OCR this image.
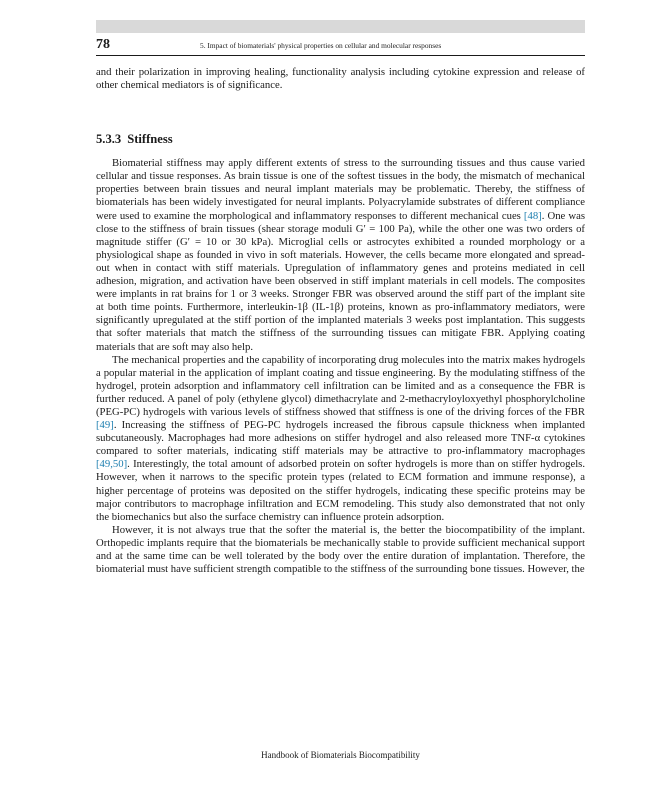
78	5. Impact of biomaterials' physical properties on cellular and molecular responses

and their polarization in improving healing, functionality analysis including cytokine expression and release of other chemical mediators is of significance.

5.3.3 Stiffness

Biomaterial stiffness may apply different extents of stress to the surrounding tissues and thus cause varied cellular and tissue responses. As brain tissue is one of the softest tissues in the body, the mismatch of mechanical properties between brain tissues and neural implant materials may be problematic. Thereby, the stiffness of biomaterials has been widely investigated for neural implants. Polyacrylamide substrates of different compliance were used to examine the morphological and inflammatory responses to different mechanical cues [48]. One was close to the stiffness of brain tissues (shear storage moduli G′ = 100 Pa), while the other one was two orders of magnitude stiffer (G′ = 10 or 30 kPa). Microglial cells or astrocytes exhibited a rounded morphology or a physiological shape as founded in vivo in soft materials. However, the cells became more elongated and spread-out when in contact with stiff materials. Upregulation of inflammatory genes and proteins mediated in cell adhesion, migration, and activation have been observed in stiff implant materials in cell models. The composites were implants in rat brains for 1 or 3 weeks. Stronger FBR was observed around the stiff part of the implant site at both time points. Furthermore, interleukin-1β (IL-1β) proteins, known as pro-inflammatory mediators, were significantly upregulated at the stiff portion of the implanted materials 3 weeks post implantation. This suggests that softer materials that match the stiffness of the surrounding tissues can mitigate FBR. Applying coating materials that are soft may also help.

The mechanical properties and the capability of incorporating drug molecules into the matrix makes hydrogels a popular material in the application of implant coating and tissue engineering. By the modulating stiffness of the hydrogel, protein adsorption and inflammatory cell infiltration can be limited and as a consequence the FBR is further reduced. A panel of poly (ethylene glycol) dimethacrylate and 2-methacryloyloxyethyl phosphorylcholine (PEG-PC) hydrogels with various levels of stiffness showed that stiffness is one of the driving forces of the FBR [49]. Increasing the stiffness of PEG-PC hydrogels increased the fibrous capsule thickness when implanted subcutaneously. Macrophages had more adhesions on stiffer hydrogel and also released more TNF-α cytokines compared to softer materials, indicating stiff materials may be attractive to pro-inflammatory macrophages [49,50]. Interestingly, the total amount of adsorbed protein on softer hydrogels is more than on stiffer hydrogels. However, when it narrows to the specific protein types (related to ECM formation and immune response), a higher percentage of proteins was deposited on the stiffer hydrogels, indicating these specific proteins may be major contributors to macrophage infiltration and ECM remodeling. This study also demonstrated that not only the biomechanics but also the surface chemistry can influence protein adsorption.

However, it is not always true that the softer the material is, the better the biocompatibility of the implant. Orthopedic implants require that the biomaterials be mechanically stable to provide sufficient mechanical support and at the same time can be well tolerated by the body over the entire duration of implantation. Therefore, the biomaterial must have sufficient strength compatible to the stiffness of the surrounding bone tissues. However, the

Handbook of Biomaterials Biocompatibility
